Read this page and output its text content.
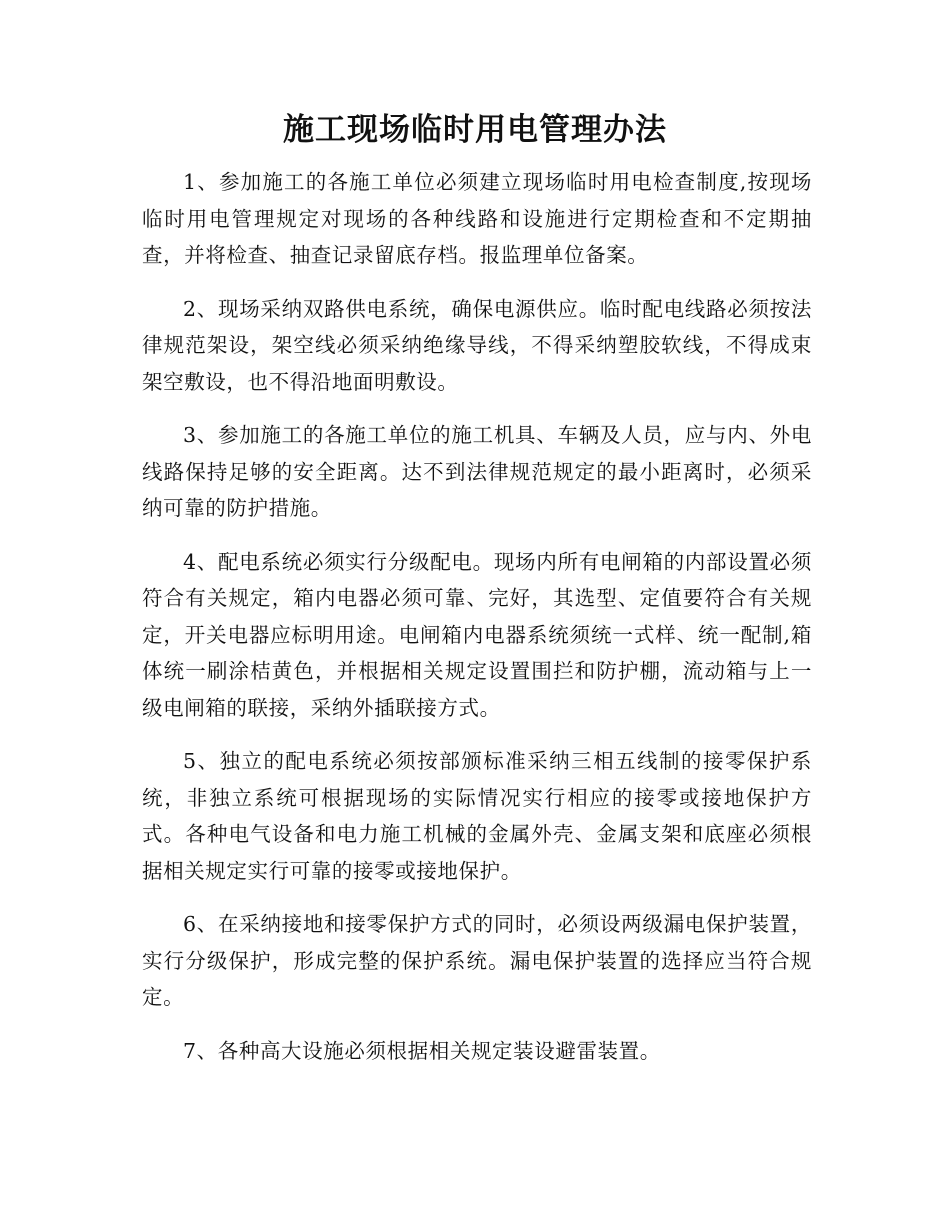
施工现场临时用电管理办法

1、参加施工的各施工单位必须建立现场临时用电检查制度,按现场临时用电管理规定对现场的各种线路和设施进行定期检查和不定期抽查，并将检查、抽查记录留底存档。报监理单位备案。

2、现场采纳双路供电系统，确保电源供应。临时配电线路必须按法律规范架设，架空线必须采纳绝缘导线，不得采纳塑胶软线，不得成束架空敷设，也不得沿地面明敷设。

3、参加施工的各施工单位的施工机具、车辆及人员，应与内、外电线路保持足够的安全距离。达不到法律规范规定的最小距离时，必须采纳可靠的防护措施。

4、配电系统必须实行分级配电。现场内所有电闸箱的内部设置必须符合有关规定，箱内电器必须可靠、完好，其选型、定值要符合有关规定，开关电器应标明用途。电闸箱内电器系统须统一式样、统一配制,箱体统一刷涂桔黄色，并根据相关规定设置围拦和防护棚，流动箱与上一级电闸箱的联接，采纳外插联接方式。

5、独立的配电系统必须按部颁标准采纳三相五线制的接零保护系统，非独立系统可根据现场的实际情况实行相应的接零或接地保护方式。各种电气设备和电力施工机械的金属外壳、金属支架和底座必须根据相关规定实行可靠的接零或接地保护。

6、在采纳接地和接零保护方式的同时，必须设两级漏电保护装置，实行分级保护，形成完整的保护系统。漏电保护装置的选择应当符合规定。

7、各种高大设施必须根据相关规定装设避雷装置。
